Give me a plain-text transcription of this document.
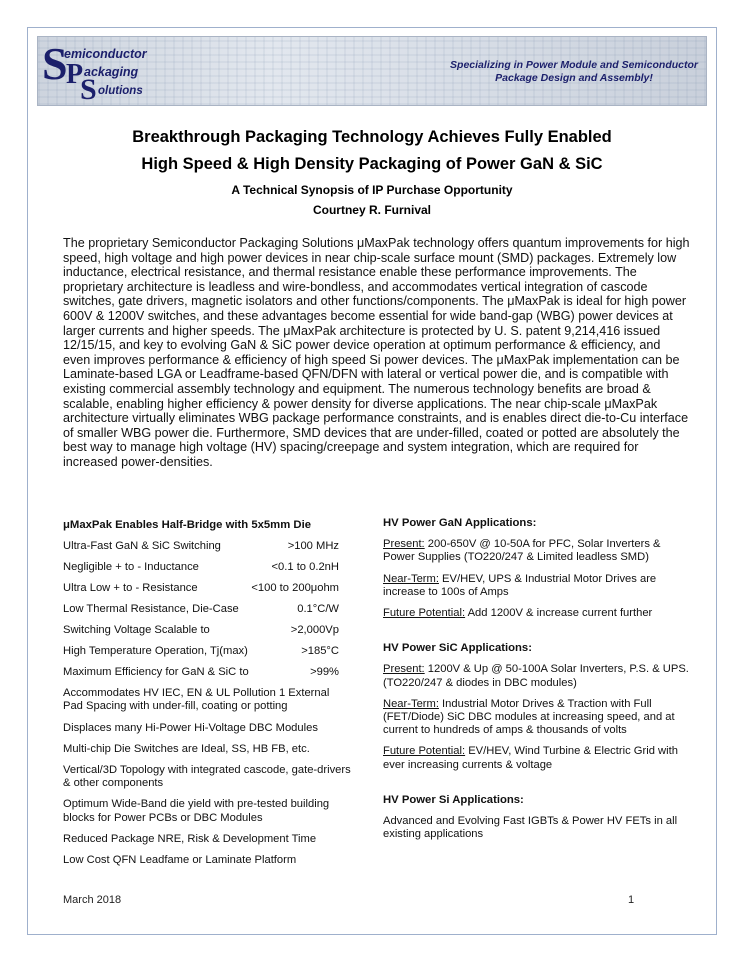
S
emiconductor
P ackaging
S olutions
Specializing in Power Module and Semiconductor
Package Design and Assembly!
Breakthrough Packaging Technology Achieves Fully Enabled
High Speed & High Density Packaging of Power GaN & SiC
A Technical Synopsis of IP Purchase Opportunity
Courtney R. Furnival
The proprietary Semiconductor Packaging Solutions μMaxPak technology offers quantum improvements for high speed, high voltage and high power devices in near chip-scale surface mount (SMD) packages. Extremely low inductance, electrical resistance, and thermal resistance enable these performance improvements. The proprietary architecture is leadless and wire-bondless, and accommodates vertical integration of cascode switches, gate drivers, magnetic isolators and other functions/components. The μMaxPak is ideal for high power 600V & 1200V switches, and these advantages become essential for wide band-gap (WBG) power devices at larger currents and higher speeds. The μMaxPak architecture is protected by U. S. patent 9,214,416 issued 12/15/15, and key to evolving GaN & SiC power device operation at optimum performance & efficiency, and even improves performance & efficiency of high speed Si power devices. The μMaxPak implementation can be Laminate-based LGA or Leadframe-based QFN/DFN with lateral or vertical power die, and is compatible with existing commercial assembly technology and equipment. The numerous technology benefits are broad & scalable, enabling higher efficiency & power density for diverse applications. The near chip-scale μMaxPak architecture virtually eliminates WBG package performance constraints, and is enables direct die-to-Cu interface of smaller WBG power die. Furthermore, SMD devices that are under-filled, coated or potted are absolutely the best way to manage high voltage (HV) spacing/creepage and system integration, which are required for increased power-densities.
μMaxPak Enables Half-Bridge with 5x5mm Die
Ultra-Fast GaN & SiC Switching	>100 MHz
Negligible + to - Inductance	<0.1 to 0.2nH
Ultra Low + to - Resistance	<100 to 200μohm
Low Thermal Resistance, Die-Case	0.1°C/W
Switching Voltage Scalable to	>2,000Vp
High Temperature Operation, Tj(max)	>185°C
Maximum Efficiency for GaN & SiC to	>99%
Accommodates HV IEC, EN & UL Pollution 1 External Pad Spacing with under-fill, coating or potting
Displaces many Hi-Power Hi-Voltage DBC Modules
Multi-chip Die Switches are Ideal, SS, HB FB, etc.
Vertical/3D Topology with integrated cascode, gate-drivers & other components
Optimum Wide-Band die yield with pre-tested building blocks for Power PCBs or DBC Modules
Reduced Package NRE, Risk & Development Time
Low Cost QFN Leadfame or Laminate Platform
HV Power GaN Applications:
Present: 200-650V @ 10-50A for PFC, Solar Inverters & Power Supplies (TO220/247 & Limited leadless SMD)
Near-Term: EV/HEV, UPS & Industrial Motor Drives are increase to 100s of Amps
Future Potential: Add 1200V & increase current further
HV Power SiC Applications:
Present: 1200V & Up @ 50-100A Solar Inverters, P.S. & UPS. (TO220/247 & diodes in DBC modules)
Near-Term: Industrial Motor Drives & Traction with Full (FET/Diode) SiC DBC modules at increasing speed, and at current to hundreds of amps & thousands of volts
Future Potential: EV/HEV, Wind Turbine & Electric Grid with ever increasing currents & voltage
HV Power Si Applications:
Advanced and Evolving Fast IGBTs & Power HV FETs in all existing applications
March 2018	1
